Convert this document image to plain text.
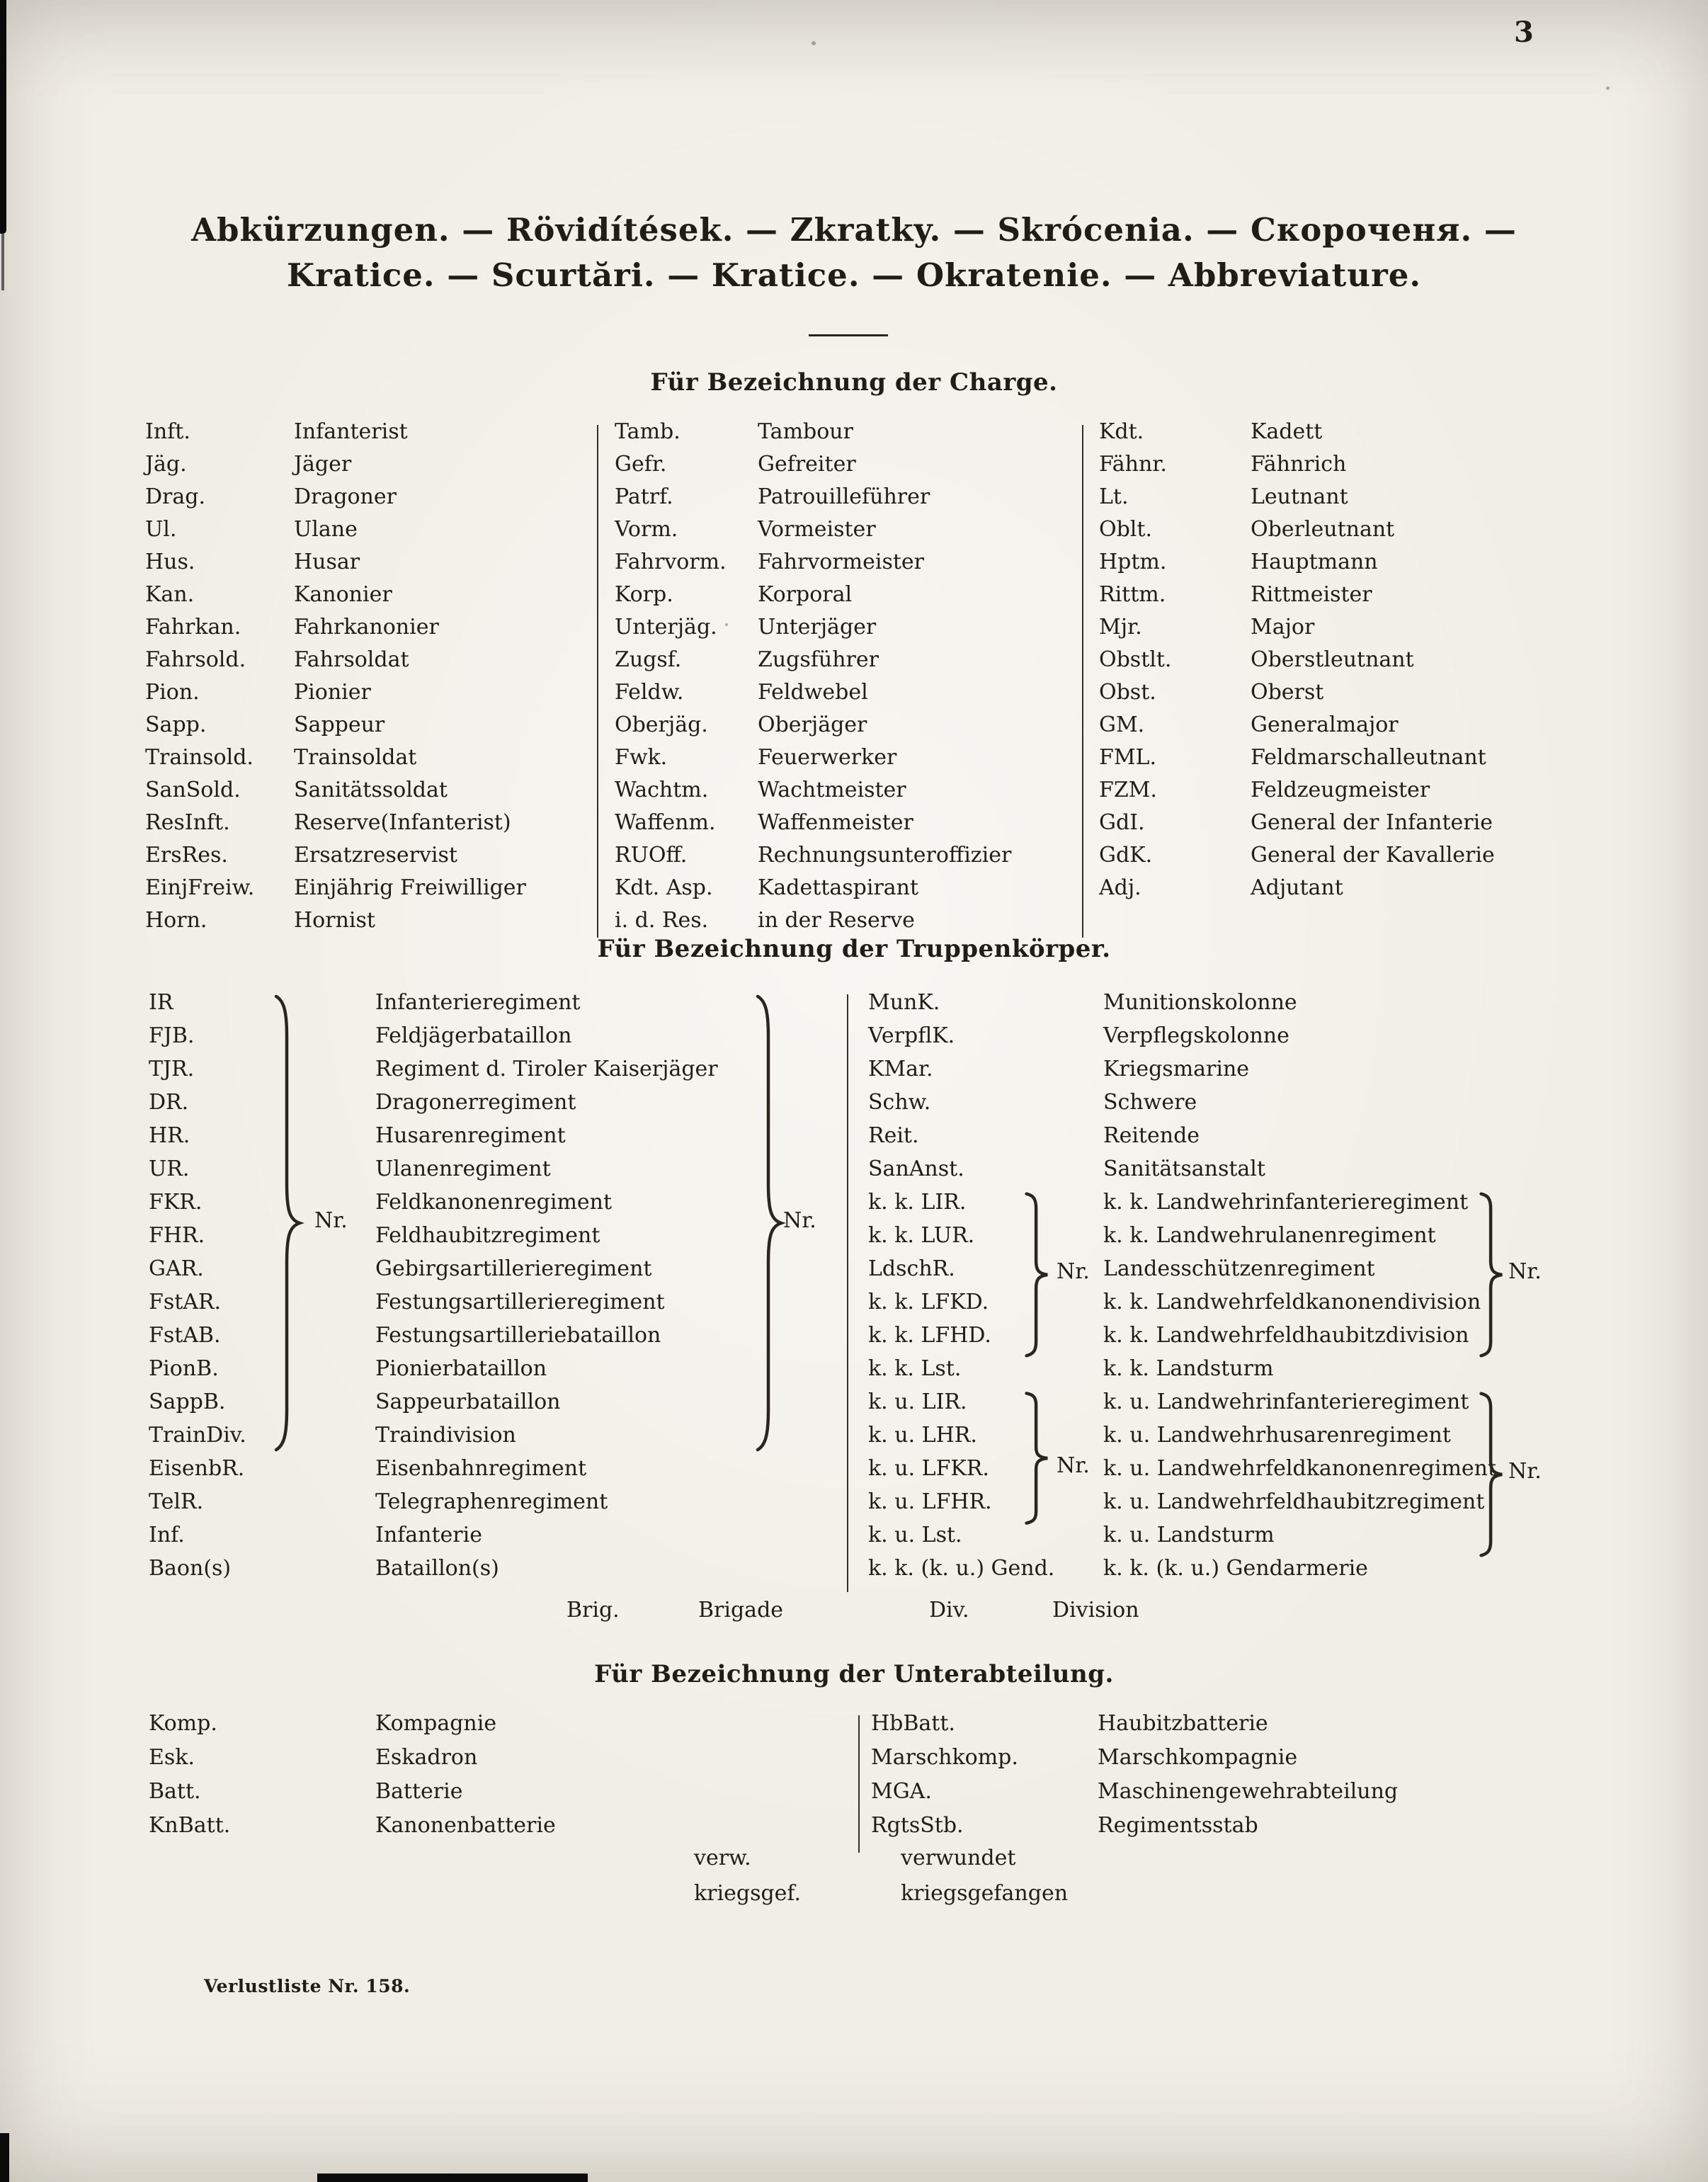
3
Abkürzungen. — Rövidítések. — Zkratky. — Skrócenia. — Скороченя. —
Kratice. — Scurtări. — Kratice. — Okratenie. — Abbreviature.
Für Bezeichnung der Charge.
Inft.	Infanterist
Jäg.	Jäger
Drag.	Dragoner
Ul.	Ulane
Hus.	Husar
Kan.	Kanonier
Fahrkan.	Fahrkanonier
Fahrsold.	Fahrsoldat
Pion.	Pionier
Sapp.	Sappeur
Trainsold.	Trainsoldat
SanSold.	Sanitätssoldat
ResInft.	Reserve(Infanterist)
ErsRes.	Ersatzreservist
EinjFreiw.	Einjährig Freiwilliger
Horn.	Hornist
Tamb.	Tambour
Gefr.	Gefreiter
Patrf.	Patrouilleführer
Vorm.	Vormeister
Fahrvorm.	Fahrvormeister
Korp.	Korporal
Unterjäg.	Unterjäger
Zugsf.	Zugsführer
Feldw.	Feldwebel
Oberjäg.	Oberjäger
Fwk.	Feuerwerker
Wachtm.	Wachtmeister
Waffenm.	Waffenmeister
RUOff.	Rechnungsunteroffizier
Kdt. Asp.	Kadettaspirant
i. d. Res.	in der Reserve
Kdt.	Kadett
Fähnr.	Fähnrich
Lt.	Leutnant
Oblt.	Oberleutnant
Hptm.	Hauptmann
Rittm.	Rittmeister
Mjr.	Major
Obstlt.	Oberstleutnant
Obst.	Oberst
GM.	Generalmajor
FML.	Feldmarschalleutnant
FZM.	Feldzeugmeister
GdI.	General der Infanterie
GdK.	General der Kavallerie
Adj.	Adjutant
Für Bezeichnung der Truppenkörper.
IR	Infanterieregiment
FJB.	Feldjägerbataillon
TJR.	Regiment d. Tiroler Kaiserjäger
DR.	Dragonerregiment
HR.	Husarenregiment
UR.	Ulanenregiment
FKR.	Feldkanonenregiment
FHR.	Feldhaubitzregiment
GAR.	Gebirgsartillerieregiment
FstAR.	Festungsartillerieregiment
FstAB.	Festungsartilleriebataillon
PionB.	Pionierbataillon
SappB.	Sappeurbataillon
TrainDiv.	Traindivision
EisenbR.	Eisenbahnregiment
TelR.	Telegraphenregiment
Inf.	Infanterie
Baon(s)	Bataillon(s)
MunK.	Munitionskolonne
VerpflK.	Verpflegskolonne
KMar.	Kriegsmarine
Schw.	Schwere
Reit.	Reitende
SanAnst.	Sanitätsanstalt
k. k. LIR.	k. k. Landwehrinfanterieregiment
k. k. LUR.	k. k. Landwehrulanenregiment
LdschR.	Landesschützenregiment
k. k. LFKD.	k. k. Landwehrfeldkanonendivision
k. k. LFHD.	k. k. Landwehrfeldhaubitzdivision
k. k. Lst.	k. k. Landsturm
k. u. LIR.	k. u. Landwehrinfanterieregiment
k. u. LHR.	k. u. Landwehrhusarenregiment
k. u. LFKR.	k. u. Landwehrfeldkanonenregiment
k. u. LFHR.	k. u. Landwehrfeldhaubitzregiment
k. u. Lst.	k. u. Landsturm
k. k. (k. u.) Gend.	k. k. (k. u.) Gendarmerie
Nr.	Nr.
Nr.	Nr.
Nr.	Nr.
Brig.	Brigade	Div.	Division
Für Bezeichnung der Unterabteilung.
Komp.	Kompagnie
Esk.	Eskadron
Batt.	Batterie
KnBatt.	Kanonenbatterie
HbBatt.	Haubitzbatterie
Marschkomp.	Marschkompagnie
MGA.	Maschinengewehrabteilung
RgtsStb.	Regimentsstab
verw.	verwundet
kriegsgef.	kriegsgefangen
Verlustliste Nr. 158.
